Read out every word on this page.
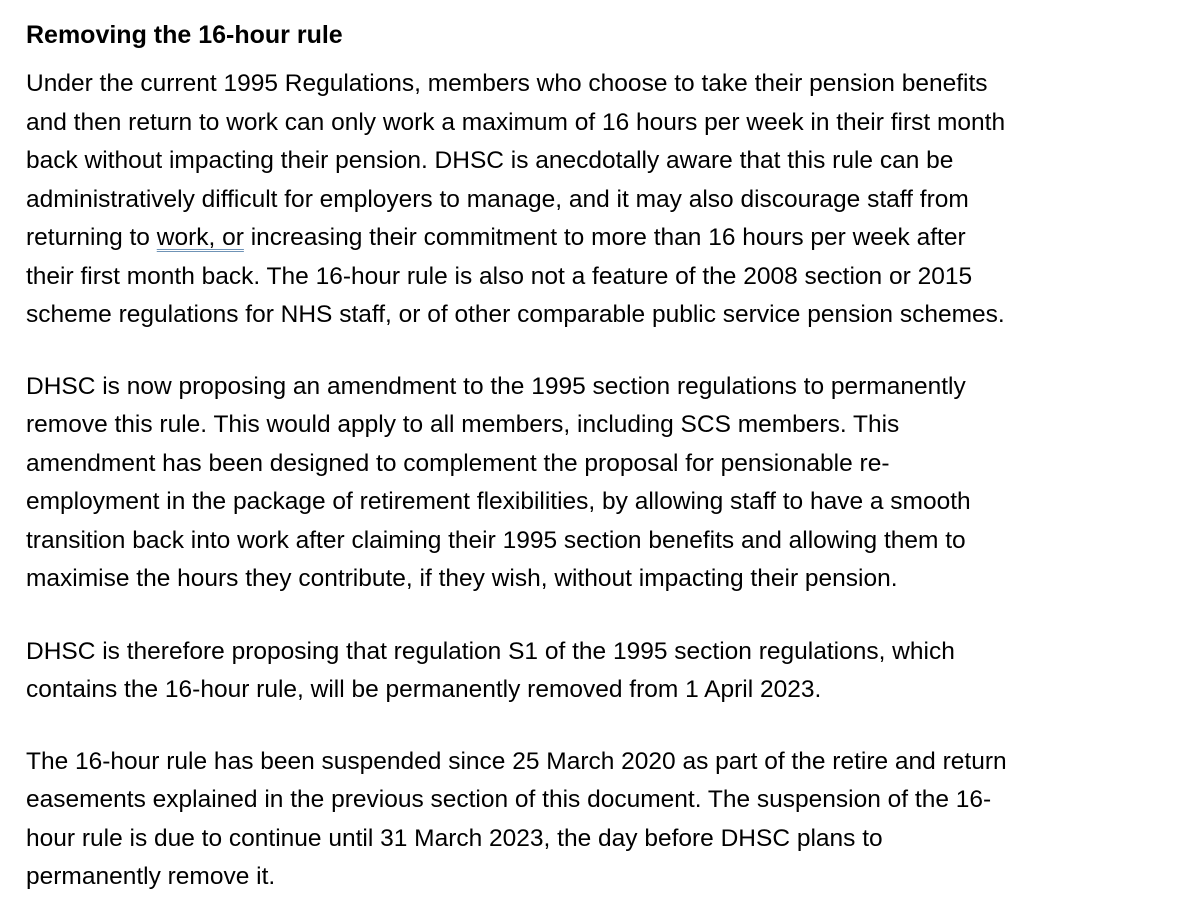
Removing the 16-hour rule

Under the current 1995 Regulations, members who choose to take their pension benefits
and then return to work can only work a maximum of 16 hours per week in their first month
back without impacting their pension. DHSC is anecdotally aware that this rule can be
administratively difficult for employers to manage, and it may also discourage staff from
returning to work, or increasing their commitment to more than 16 hours per week after
their first month back. The 16-hour rule is also not a feature of the 2008 section or 2015
scheme regulations for NHS staff, or of other comparable public service pension schemes.

DHSC is now proposing an amendment to the 1995 section regulations to permanently
remove this rule. This would apply to all members, including SCS members. This
amendment has been designed to complement the proposal for pensionable re-
employment in the package of retirement flexibilities, by allowing staff to have a smooth
transition back into work after claiming their 1995 section benefits and allowing them to
maximise the hours they contribute, if they wish, without impacting their pension.

DHSC is therefore proposing that regulation S1 of the 1995 section regulations, which
contains the 16-hour rule, will be permanently removed from 1 April 2023.

The 16-hour rule has been suspended since 25 March 2020 as part of the retire and return
easements explained in the previous section of this document. The suspension of the 16-
hour rule is due to continue until 31 March 2023, the day before DHSC plans to
permanently remove it.
